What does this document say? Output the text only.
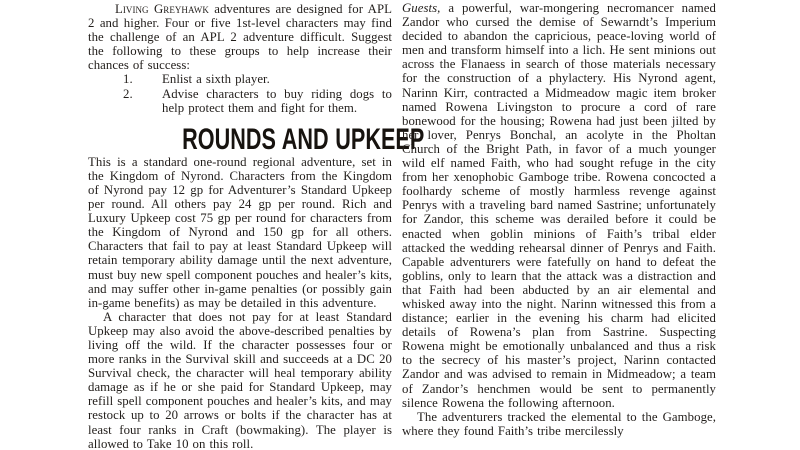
Living Greyhawk adventures are designed for APL 2 and higher. Four or five 1st-level characters may find the challenge of an APL 2 adventure difficult. Suggest the following to these groups to help increase their chances of success:

1. Enlist a sixth player.
2. Advise characters to buy riding dogs to help protect them and fight for them.
ROUNDS AND UPKEEP

This is a standard one-round regional adventure, set in the Kingdom of Nyrond. Characters from the Kingdom of Nyrond pay 12 gp for Adventurer’s Standard Upkeep per round. All others pay 24 gp per round. Rich and Luxury Upkeep cost 75 gp per round for characters from the Kingdom of Nyrond and 150 gp for all others. Characters that fail to pay at least Standard Upkeep will retain temporary ability damage until the next adventure, must buy new spell component pouches and healer’s kits, and may suffer other in-game penalties (or possibly gain in-game benefits) as may be detailed in this adventure.

A character that does not pay for at least Standard Upkeep may also avoid the above-described penalties by living off the wild. If the character possesses four or more ranks in the Survival skill and succeeds at a DC 20 Survival check, the character will heal temporary ability damage as if he or she paid for Standard Upkeep, may refill spell component pouches and healer’s kits, and may restock up to 20 arrows or bolts if the character has at least four ranks in Craft (bowmaking). The player is allowed to Take 10 on this roll.

Guests, a powerful, war-mongering necromancer named Zandor who cursed the demise of Sewarndt’s Imperium decided to abandon the capricious, peace-loving world of men and transform himself into a lich. He sent minions out across the Flanaess in search of those materials necessary for the construction of a phylactery. His Nyrond agent, Narinn Kirr, contracted a Midmeadow magic item broker named Rowena Livingston to procure a cord of rare bonewood for the housing; Rowena had just been jilted by her lover, Penrys Bonchal, an acolyte in the Pholtan Church of the Bright Path, in favor of a much younger wild elf named Faith, who had sought refuge in the city from her xenophobic Gamboge tribe. Rowena concocted a foolhardy scheme of mostly harmless revenge against Penrys with a traveling bard named Sastrine; unfortunately for Zandor, this scheme was derailed before it could be enacted when goblin minions of Faith’s tribal elder attacked the wedding rehearsal dinner of Penrys and Faith. Capable adventurers were fatefully on hand to defeat the goblins, only to learn that the attack was a distraction and that Faith had been abducted by an air elemental and whisked away into the night. Narinn witnessed this from a distance; earlier in the evening his charm had elicited details of Rowena’s plan from Sastrine. Suspecting Rowena might be emotionally unbalanced and thus a risk to the secrecy of his master’s project, Narinn contacted Zandor and was advised to remain in Midmeadow; a team of Zandor’s henchmen would be sent to permanently silence Rowena the following afternoon.

The adventurers tracked the elemental to the Gamboge, where they found Faith’s tribe mercilessly
